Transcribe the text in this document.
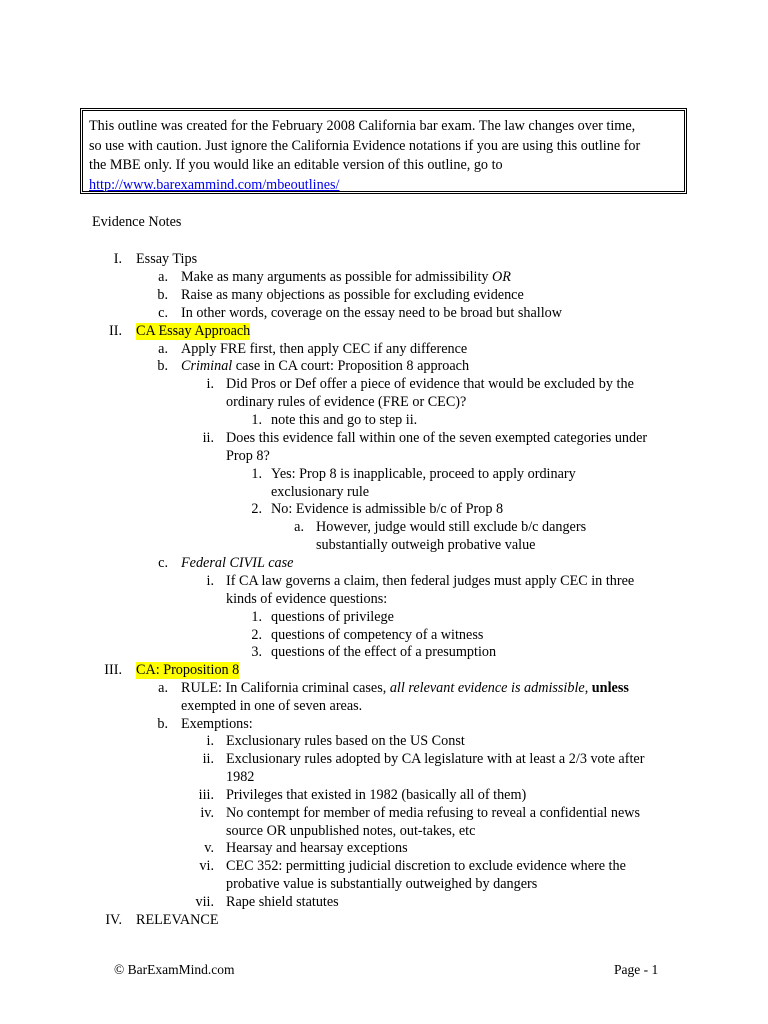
This outline was created for the February 2008 California bar exam. The law changes over time,
so use with caution. Just ignore the California Evidence notations if you are using this outline for
the MBE only. If you would like an editable version of this outline, go to
http://www.barexammind.com/mbeoutlines/
Evidence Notes
I. Essay Tips
a. Make as many arguments as possible for admissibility OR
b. Raise as many objections as possible for excluding evidence
c. In other words, coverage on the essay need to be broad but shallow
II. CA Essay Approach
a. Apply FRE first, then apply CEC if any difference
b. Criminal case in CA court: Proposition 8 approach
i. Did Pros or Def offer a piece of evidence that would be excluded by the
ordinary rules of evidence (FRE or CEC)?
1. note this and go to step ii.
ii. Does this evidence fall within one of the seven exempted categories under
Prop 8?
1. Yes: Prop 8 is inapplicable, proceed to apply ordinary
exclusionary rule
2. No: Evidence is admissible b/c of Prop 8
a. However, judge would still exclude b/c dangers
substantially outweigh probative value
c. Federal CIVIL case
i. If CA law governs a claim, then federal judges must apply CEC in three
kinds of evidence questions:
1. questions of privilege
2. questions of competency of a witness
3. questions of the effect of a presumption
III. CA: Proposition 8
a. RULE: In California criminal cases, all relevant evidence is admissible, unless
exempted in one of seven areas.
b. Exemptions:
i. Exclusionary rules based on the US Const
ii. Exclusionary rules adopted by CA legislature with at least a 2/3 vote after
1982
iii. Privileges that existed in 1982 (basically all of them)
iv. No contempt for member of media refusing to reveal a confidential news
source OR unpublished notes, out-takes, etc
v. Hearsay and hearsay exceptions
vi. CEC 352: permitting judicial discretion to exclude evidence where the
probative value is substantially outweighed by dangers
vii. Rape shield statutes
IV. RELEVANCE
© BarExamMind.com	Page - 1
